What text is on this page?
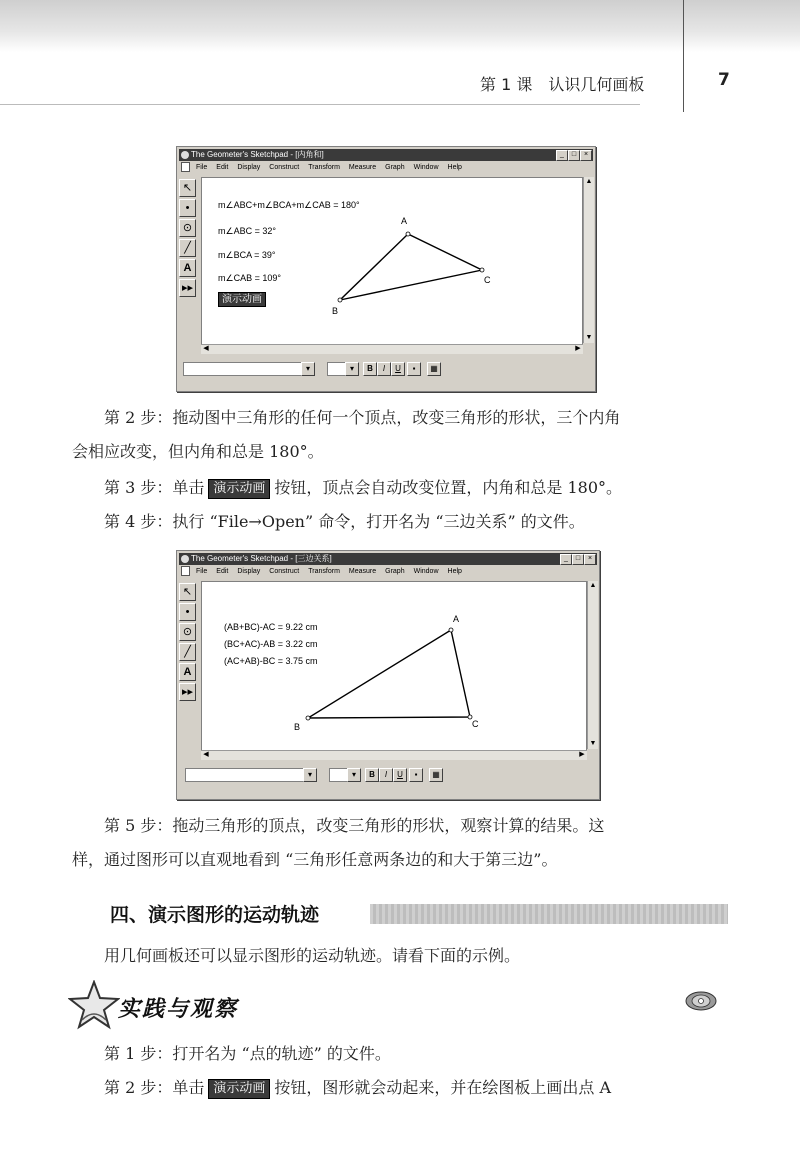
第 1 课　认识几何画板	7
The Geometer's Sketchpad - [内角和]	_	□	×
File Edit Display Construct Transform Measure Graph Window Help
↖
•
⊙
╱
A
▸▸
m∠ABC+m∠BCA+m∠CAB = 180°
m∠ABC = 32°
m∠BCA = 39°
m∠CAB = 109°
演示动画
A
B
C
▲
▼
◀	▶
▾	▾	B	I	U	▪	▦
第 2 步：拖动图中三角形的任何一个顶点，改变三角形的形状，三个内角
会相应改变，但内角和总是 180°。
第 3 步：单击 演示动画 按钮，顶点会自动改变位置，内角和总是 180°。
第 4 步：执行 “File→Open” 命令，打开名为 “三边关系” 的文件。
The Geometer's Sketchpad - [三边关系]	_	□	×
File Edit Display Construct Transform Measure Graph Window Help
↖
•
⊙
╱
A
▸▸
(AB+BC)-AC = 9.22 cm
(BC+AC)-AB = 3.22 cm
(AC+AB)-BC = 3.75 cm
A
B	C
▲
▼
◀	▶
▾	▾	B	I	U	▪	▦
第 5 步：拖动三角形的顶点，改变三角形的形状，观察计算的结果。这
样，通过图形可以直观地看到 “三角形任意两条边的和大于第三边”。
四、演示图形的运动轨迹
用几何画板还可以显示图形的运动轨迹。请看下面的示例。
实践与观察
第 1 步：打开名为 “点的轨迹” 的文件。
第 2 步：单击 演示动画 按钮，图形就会动起来，并在绘图板上画出点 A
